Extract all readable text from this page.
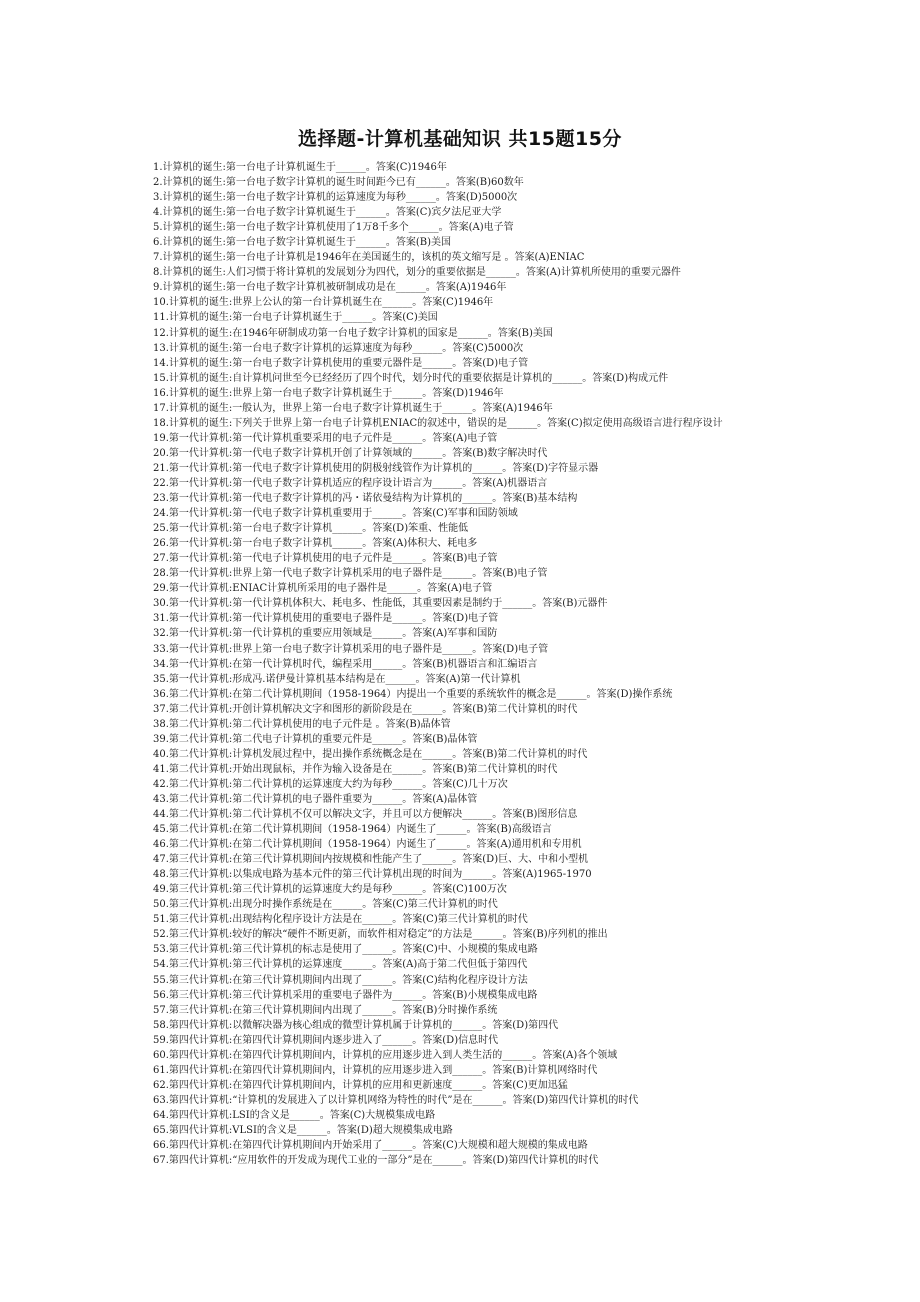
选择题-计算机基础知识 共15题15分
1.计算机的诞生:第一台电子计算机诞生于______。答案(C)1946年
2.计算机的诞生:第一台电子数字计算机的诞生时间距今已有______。答案(B)60数年
3.计算机的诞生:第一台电子数字计算机的运算速度为每秒______。答案(D)5000次
4.计算机的诞生:第一台电子数字计算机诞生于______。答案(C)宾夕法尼亚大学
5.计算机的诞生:第一台电子数字计算机使用了1万8千多个______。答案(A)电子管
6.计算机的诞生:第一台电子数字计算机诞生于______。答案(B)美国
7.计算机的诞生:第一台电子计算机是1946年在美国诞生的，该机的英文缩写是 。答案(A)ENIAC
8.计算机的诞生:人们习惯于将计算机的发展划分为四代，划分的重要依据是______。答案(A)计算机所使用的重要元器件
9.计算机的诞生:第一台电子数字计算机被研制成功是在______。答案(A)1946年
10.计算机的诞生:世界上公认的第一台计算机诞生在______。答案(C)1946年
11.计算机的诞生:第一台电子计算机诞生于______。答案(C)美国
12.计算机的诞生:在1946年研制成功第一台电子数字计算机的国家是______。答案(B)美国
13.计算机的诞生:第一台电子数字计算机的运算速度为每秒______。答案(C)5000次
14.计算机的诞生:第一台电子数字计算机使用的重要元器件是______。答案(D)电子管
15.计算机的诞生:自计算机问世至今已经经历了四个时代，划分时代的重要依据是计算机的______。答案(D)构成元件
16.计算机的诞生:世界上第一台电子数字计算机诞生于______。答案(D)1946年
17.计算机的诞生:一般认为，世界上第一台电子数字计算机诞生于______。答案(A)1946年
18.计算机的诞生:下列关于世界上第一台电子计算机ENIAC的叙述中，错误的是______。答案(C)拟定使用高级语言进行程序设计
19.第一代计算机:第一代计算机重要采用的电子元件是______。答案(A)电子管
20.第一代计算机:第一代电子数字计算机开创了计算领域的______。答案(B)数字解决时代
21.第一代计算机:第一代电子数字计算机使用的阴极射线管作为计算机的______。答案(D)字符显示器
22.第一代计算机:第一代电子数字计算机适应的程序设计语言为______。答案(A)机器语言
23.第一代计算机:第一代电子数字计算机的冯・诺依曼结构为计算机的______。答案(B)基本结构
24.第一代计算机:第一代电子数字计算机重要用于______。答案(C)军事和国防领域
25.第一代计算机:第一台电子数字计算机______。答案(D)笨重、性能低
26.第一代计算机:第一台电子数字计算机______。答案(A)体积大、耗电多
27.第一代计算机:第一代电子计算机使用的电子元件是______。答案(B)电子管
28.第一代计算机:世界上第一代电子数字计算机采用的电子器件是______。答案(B)电子管
29.第一代计算机:ENIAC计算机所采用的电子器件是______。答案(A)电子管
30.第一代计算机:第一代计算机体积大、耗电多、性能低，其重要因素是制约于______。答案(B)元器件
31.第一代计算机:第一代计算机使用的重要电子器件是______。答案(D)电子管
32.第一代计算机:第一代计算机的重要应用领域是______。答案(A)军事和国防
33.第一代计算机:世界上第一台电子数字计算机采用的电子器件是______。答案(D)电子管
34.第一代计算机:在第一代计算机时代，编程采用______。答案(B)机器语言和汇编语言
35.第一代计算机:形成冯.诺伊曼计算机基本结构是在______。答案(A)第一代计算机
36.第二代计算机:在第二代计算机期间（1958-1964）内提出一个重要的系统软件的概念是______。答案(D)操作系统
37.第二代计算机:开创计算机解决文字和图形的新阶段是在______。答案(B)第二代计算机的时代
38.第二代计算机:第二代计算机使用的电子元件是 。答案(B)晶体管
39.第二代计算机:第二代电子计算机的重要元件是______。答案(B)晶体管
40.第二代计算机:计算机发展过程中，提出操作系统概念是在______。答案(B)第二代计算机的时代
41.第二代计算机:开始出现鼠标，并作为输入设备是在______。答案(B)第二代计算机的时代
42.第二代计算机:第二代计算机的运算速度大约为每秒______。答案(C)几十万次
43.第二代计算机:第二代计算机的电子器件重要为______。答案(A)晶体管
44.第二代计算机:第二代计算机不仅可以解决文字，并且可以方便解决______。答案(B)图形信息
45.第二代计算机:在第二代计算机期间（1958-1964）内诞生了______。答案(B)高级语言
46.第二代计算机:在第二代计算机期间（1958-1964）内诞生了______。答案(A)通用机和专用机
47.第三代计算机:在第三代计算机期间内按规模和性能产生了______。答案(D)巨、大、中和小型机
48.第三代计算机:以集成电路为基本元件的第三代计算机出现的时间为______。答案(A)1965-1970
49.第三代计算机:第三代计算机的运算速度大约是每秒______。答案(C)100万次
50.第三代计算机:出现分时操作系统是在______。答案(C)第三代计算机的时代
51.第三代计算机:出现结构化程序设计方法是在______。答案(C)第三代计算机的时代
52.第三代计算机:较好的解决“硬件不断更新，而软件相对稳定”的方法是______。答案(B)序列机的推出
53.第三代计算机:第三代计算机的标志是使用了______。答案(C)中、小规模的集成电路
54.第三代计算机:第三代计算机的运算速度______。答案(A)高于第二代但低于第四代
55.第三代计算机:在第三代计算机期间内出现了______。答案(C)结构化程序设计方法
56.第三代计算机:第三代计算机采用的重要电子器件为______。答案(B)小规模集成电路
57.第三代计算机:在第三代计算机期间内出现了______。答案(B)分时操作系统
58.第四代计算机:以微解决器为核心组成的微型计算机属于计算机的______。答案(D)第四代
59.第四代计算机:在第四代计算机期间内逐步进入了______。答案(D)信息时代
60.第四代计算机:在第四代计算机期间内，计算机的应用逐步进入到人类生活的______。答案(A)各个领域
61.第四代计算机:在第四代计算机期间内，计算机的应用逐步进入到______。答案(B)计算机网络时代
62.第四代计算机:在第四代计算机期间内，计算机的应用和更新速度______。答案(C)更加迅猛
63.第四代计算机:“计算机的发展进入了以计算机网络为特性的时代”是在______。答案(D)第四代计算机的时代
64.第四代计算机:LSI的含义是______。答案(C)大规模集成电路
65.第四代计算机:VLSI的含义是______。答案(D)超大规模集成电路
66.第四代计算机:在第四代计算机期间内开始采用了______。答案(C)大规模和超大规模的集成电路
67.第四代计算机:“应用软件的开发成为现代工业的一部分”是在______。答案(D)第四代计算机的时代
